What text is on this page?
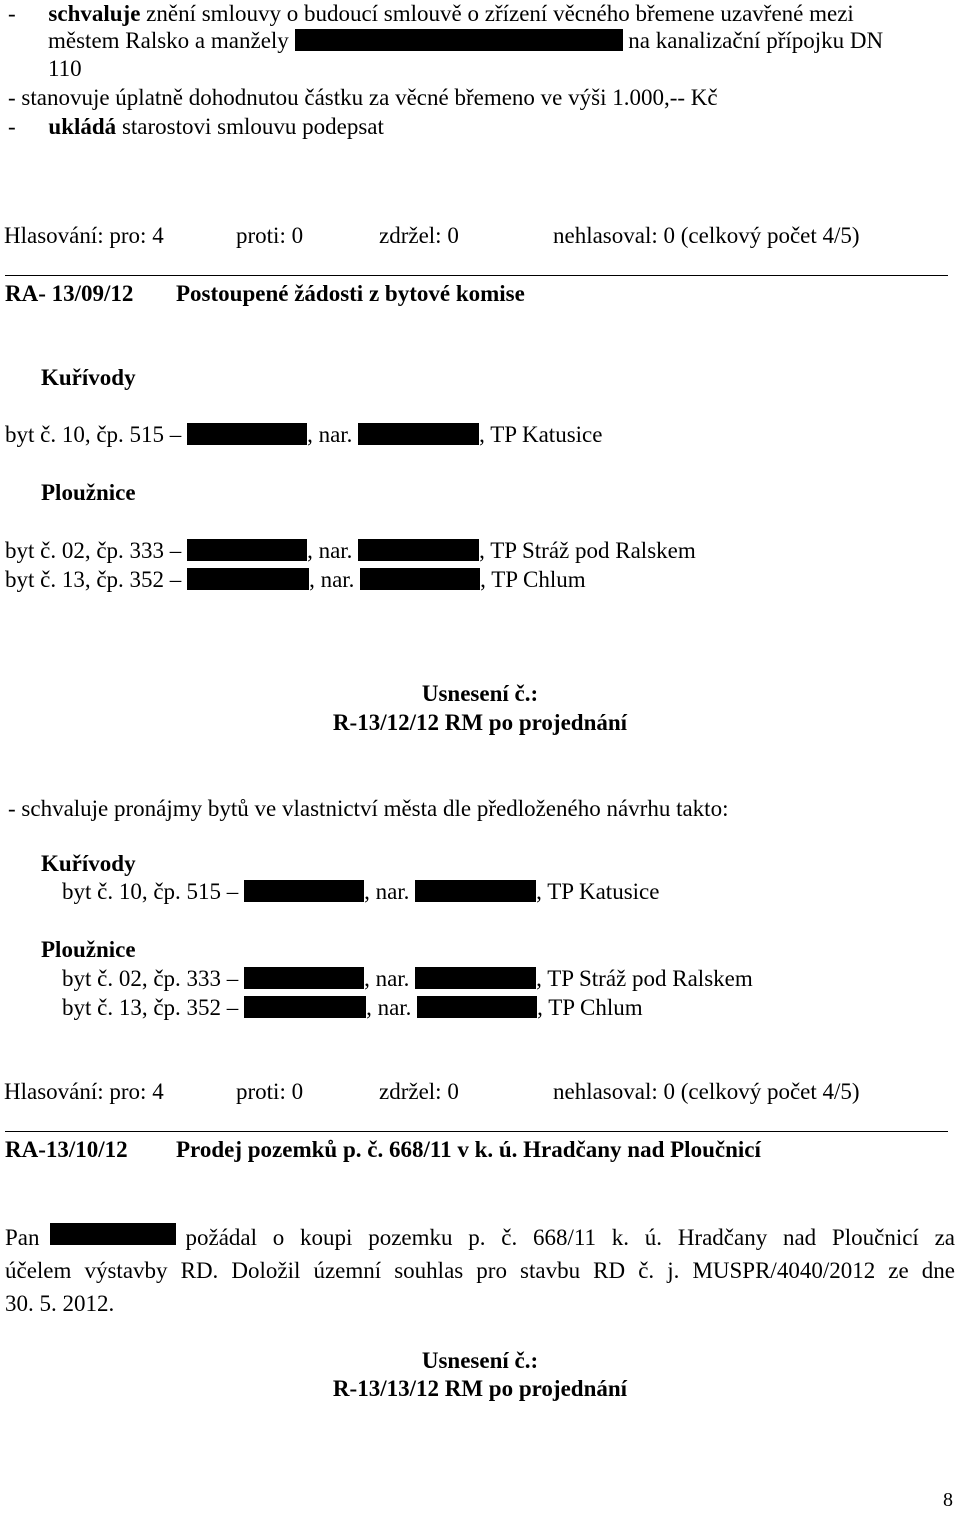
- schvaluje znění smlouvy o budoucí smlouvě o zřízení věcného břemene uzavřené mezi
městem Ralsko a manžely	na kanalizační přípojku DN
110
- stanovuje úplatně dohodnutou částku za věcné břemeno ve výši 1.000,-- Kč
- ukládá starostovi smlouvu podepsat
Hlasování: pro: 4	proti: 0	zdržel: 0	nehlasoval: 0 (celkový počet 4/5)
RA- 13/09/12 Postoupené žádosti z bytové komise
Kuřívody
byt č. 10, čp. 515 –	, nar.	, TP Katusice
Ploužnice
byt č. 02, čp. 333 –	, nar.	, TP Stráž pod Ralskem
byt č. 13, čp. 352 –	, nar.	, TP Chlum
Usnesení č.:
R-13/12/12 RM po projednání
- schvaluje pronájmy bytů ve vlastnictví města dle předloženého návrhu takto:
Kuřívody
byt č. 10, čp. 515 –	, nar.	, TP Katusice
Ploužnice
byt č. 02, čp. 333 –	, nar.	, TP Stráž pod Ralskem
byt č. 13, čp. 352 –	, nar.	, TP Chlum
Hlasování: pro: 4	proti: 0	zdržel: 0	nehlasoval: 0 (celkový počet 4/5)
RA-13/10/12 Prodej pozemků p. č. 668/11 v k. ú. Hradčany nad Ploučnicí
Pan	požádal o koupi pozemku p. č. 668/11 k. ú. Hradčany nad Ploučnicí za
účelem výstavby RD. Doložil územní souhlas pro stavbu RD č. j. MUSPR/4040/2012 ze dne
30. 5. 2012.
Usnesení č.:
R-13/13/12 RM po projednání
8
